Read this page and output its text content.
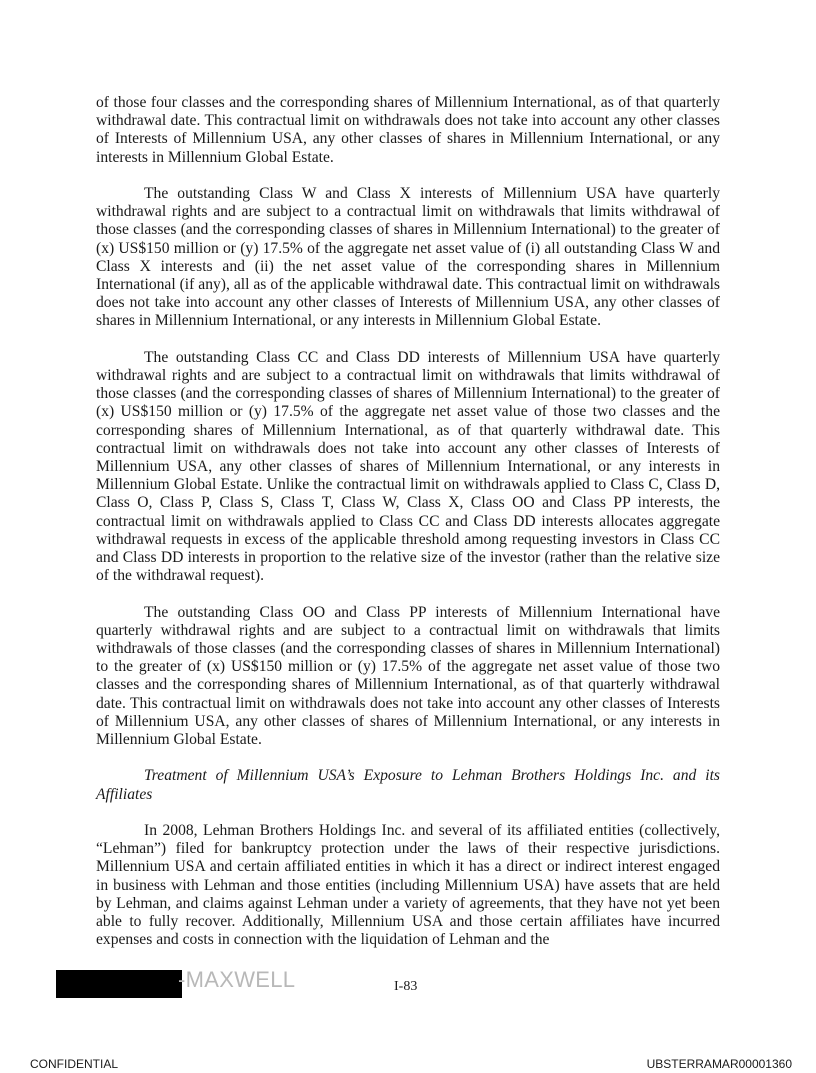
of those four classes and the corresponding shares of Millennium International, as of that quarterly withdrawal date. This contractual limit on withdrawals does not take into account any other classes of Interests of Millennium USA, any other classes of shares in Millennium International, or any interests in Millennium Global Estate.

The outstanding Class W and Class X interests of Millennium USA have quarterly withdrawal rights and are subject to a contractual limit on withdrawals that limits withdrawal of those classes (and the corresponding classes of shares in Millennium International) to the greater of (x) US$150 million or (y) 17.5% of the aggregate net asset value of (i) all outstanding Class W and Class X interests and (ii) the net asset value of the corresponding shares in Millennium International (if any), all as of the applicable withdrawal date. This contractual limit on withdrawals does not take into account any other classes of Interests of Millennium USA, any other classes of shares in Millennium International, or any interests in Millennium Global Estate.

The outstanding Class CC and Class DD interests of Millennium USA have quarterly withdrawal rights and are subject to a contractual limit on withdrawals that limits withdrawal of those classes (and the corresponding classes of shares of Millennium International) to the greater of (x) US$150 million or (y) 17.5% of the aggregate net asset value of those two classes and the corresponding shares of Millennium International, as of that quarterly withdrawal date. This contractual limit on withdrawals does not take into account any other classes of Interests of Millennium USA, any other classes of shares of Millennium International, or any interests in Millennium Global Estate. Unlike the contractual limit on withdrawals applied to Class C, Class D, Class O, Class P, Class S, Class T, Class W, Class X, Class OO and Class PP interests, the contractual limit on withdrawals applied to Class CC and Class DD interests allocates aggregate withdrawal requests in excess of the applicable threshold among requesting investors in Class CC and Class DD interests in proportion to the relative size of the investor (rather than the relative size of the withdrawal request).

The outstanding Class OO and Class PP interests of Millennium International have quarterly withdrawal rights and are subject to a contractual limit on withdrawals that limits withdrawals of those classes (and the corresponding classes of shares in Millennium International) to the greater of (x) US$150 million or (y) 17.5% of the aggregate net asset value of those two classes and the corresponding shares of Millennium International, as of that quarterly withdrawal date. This contractual limit on withdrawals does not take into account any other classes of Interests of Millennium USA, any other classes of shares of Millennium International, or any interests in Millennium Global Estate.

Treatment of Millennium USA’s Exposure to Lehman Brothers Holdings Inc. and its Affiliates

In 2008, Lehman Brothers Holdings Inc. and several of its affiliated entities (collectively, “Lehman”) filed for bankruptcy protection under the laws of their respective jurisdictions. Millennium USA and certain affiliated entities in which it has a direct or indirect interest engaged in business with Lehman and those entities (including Millennium USA) have assets that are held by Lehman, and claims against Lehman under a variety of agreements, that they have not yet been able to fully recover. Additionally, Millennium USA and those certain affiliates have incurred expenses and costs in connection with the liquidation of Lehman and the

-MAXWELL	I-83
CONFIDENTIAL	UBSTERRAMAR00001360
